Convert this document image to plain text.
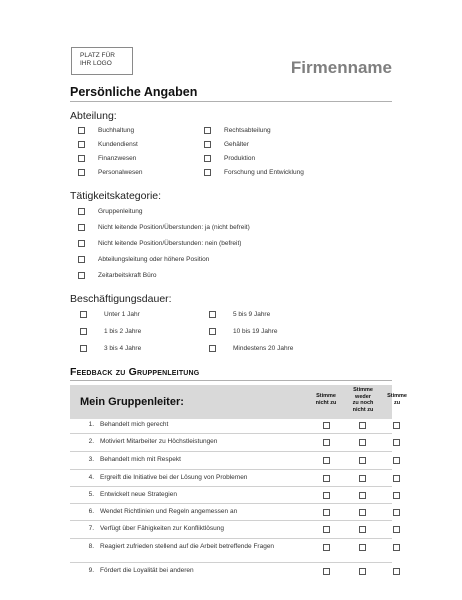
PLATZ FÜR
IHR LOGO	Firmenname
Persönliche Angaben
Abteilung:
Buchhaltung
Kundendienst
Finanzwesen
Personalwesen
Rechtsabteilung
Gehälter
Produktion
Forschung und Entwicklung
Tätigkeitskategorie:
Gruppenleitung
Nicht leitende Position/Überstunden: ja (nicht befreit)
Nicht leitende Position/Überstunden: nein (befreit)
Abteilungsleitung oder höhere Position
Zeitarbeitskraft Büro
Beschäftigungsdauer:
Unter 1 Jahr
1 bis 2 Jahre
3 bis 4 Jahre
5 bis 9 Jahre
10 bis 19 Jahre
Mindestens 20 Jahre
Feedback zu Gruppenleitung
Mein Gruppenleiter:	Stimme
nicht zu
Stimme
weder
zu noch
nicht zu
Stimme
zu
1. Behandelt mich gerecht
2. Motiviert Mitarbeiter zu Höchstleistungen
3. Behandelt mich mit Respekt
4. Ergreift die Initiative bei der Lösung von Problemen
5. Entwickelt neue Strategien
6. Wendet Richtlinien und Regeln angemessen an
7. Verfügt über Fähigkeiten zur Konfliktlösung
8. Reagiert zufrieden stellend auf die Arbeit betreffende Fragen
9. Fördert die Loyalität bei anderen
